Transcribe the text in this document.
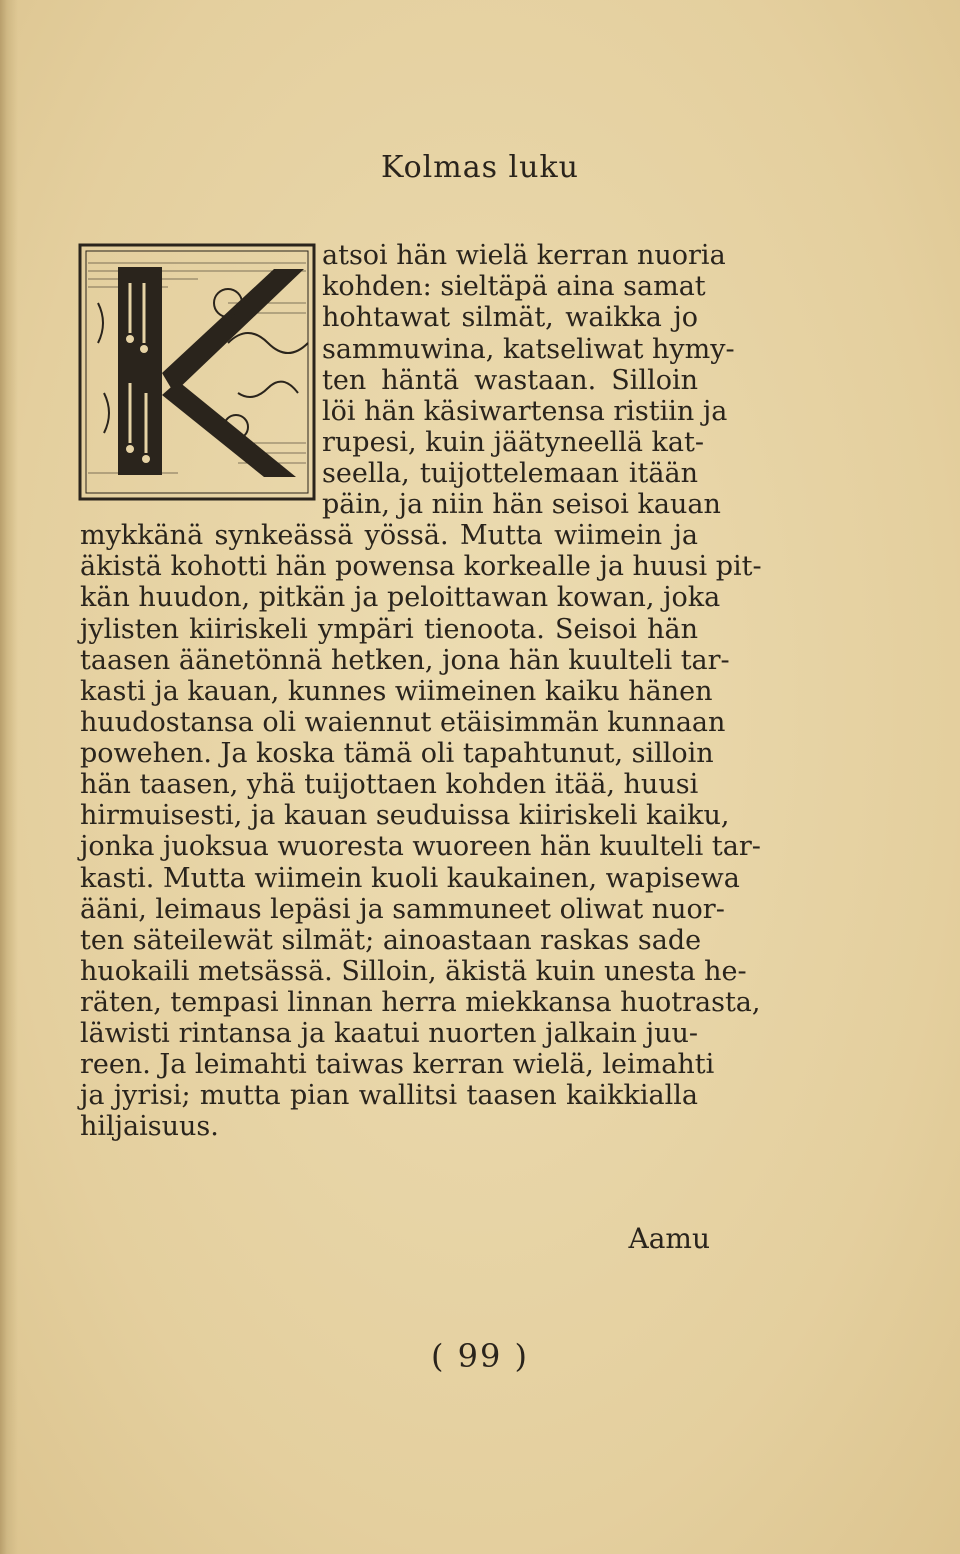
Kolmas luku
atsoi hän wielä kerran nuoria
kohden: sieltäpä aina samat
hohtawat silmät, waikka jo
sammuwina, katseliwat hymy-
ten häntä wastaan. Silloin
löi hän käsiwartensa ristiin ja
rupesi, kuin jäätyneellä kat-
seella, tuijottelemaan itään
päin, ja niin hän seisoi kauan
mykkänä synkeässä yössä. Mutta wiimein ja
äkistä kohotti hän powensa korkealle ja huusi pit-
kän huudon, pitkän ja peloittawan kowan, joka
jylisten kiiriskeli ympäri tienoota. Seisoi hän
taasen äänetönnä hetken, jona hän kuulteli tar-
kasti ja kauan, kunnes wiimeinen kaiku hänen
huudostansa oli waiennut etäisimmän kunnaan
powehen. Ja koska tämä oli tapahtunut, silloin
hän taasen, yhä tuijottaen kohden itää, huusi
hirmuisesti, ja kauan seuduissa kiiriskeli kaiku,
jonka juoksua wuoresta wuoreen hän kuulteli tar-
kasti. Mutta wiimein kuoli kaukainen, wapisewa
ääni, leimaus lepäsi ja sammuneet oliwat nuor-
ten säteilewät silmät; ainoastaan raskas sade
huokaili metsässä. Silloin, äkistä kuin unesta he-
räten, tempasi linnan herra miekkansa huotrasta,
läwisti rintansa ja kaatui nuorten jalkain juu-
reen. Ja leimahti taiwas kerran wielä, leimahti
ja jyrisi; mutta pian wallitsi taasen kaikkialla
hiljaisuus.
Aamu
( 99 )
